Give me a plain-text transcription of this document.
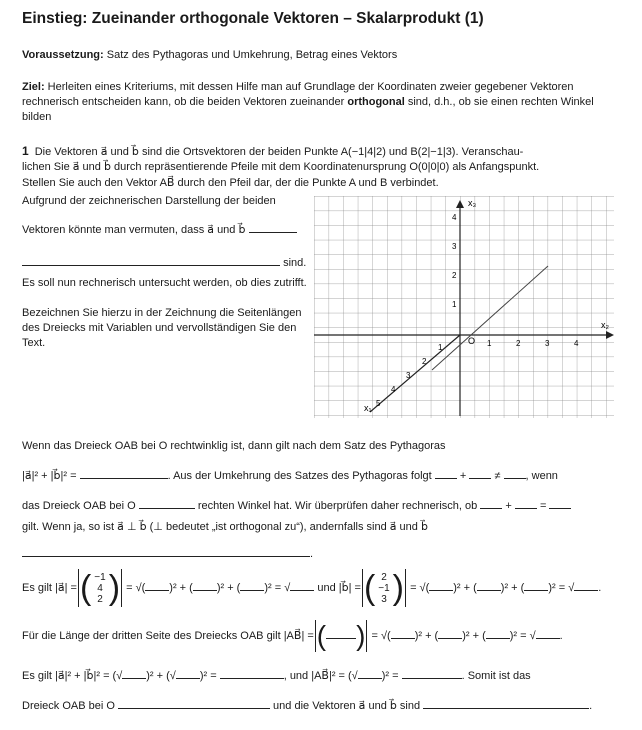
Einstieg: Zueinander orthogonale Vektoren – Skalarprodukt (1)
Voraussetzung: Satz des Pythagoras und Umkehrung, Betrag eines Vektors
Ziel: Herleiten eines Kriteriums, mit dessen Hilfe man auf Grundlage der Koordinaten zweier gegebener Vektoren rechnerisch entscheiden kann, ob die beiden Vektoren zueinander orthogonal sind, d.h., ob sie einen rechten Winkel bilden
1 Die Vektoren a⃗ und b⃗ sind die Ortsvektoren der beiden Punkte A(−1|4|2) und B(2|−1|3). Veranschau-
lichen Sie a⃗ und b⃗ durch repräsentierende Pfeile mit dem Koordinatenursprung O(0|0|0) als Anfangspunkt.
Stellen Sie auch den Vektor AB⃗ durch den Pfeil dar, der die Punkte A und B verbindet.
Aufgrund der zeichnerischen Darstellung der beiden
Vektoren könnte man vermuten, dass a⃗ und b⃗
sind.
Es soll nun rechnerisch untersucht werden, ob dies zutrifft.
Bezeichnen Sie hierzu in der Zeichnung die Seitenlängen des Dreiecks mit Variablen und vervollständigen Sie den Text.
x₃
x₂
x₁
O 1	2	3	4
1
2
3
4
1
2
3
4
5
Wenn das Dreieck OAB bei O rechtwinklig ist, dann gilt nach dem Satz des Pythagoras
|a⃗|² + |b⃗|² =	. Aus der Umkehrung des Satzes des Pythagoras folgt	+	≠ , wenn
das Dreieck OAB bei O	rechten Winkel hat. Wir überprüfen daher rechnerisch, ob	+	=
gilt. Wenn ja, so ist a⃗ ⊥ b⃗ (⊥ bedeutet „ist orthogonal zu“), andernfalls sind a⃗ und b⃗
.
Es gilt |a⃗| =( −1
4
2 ) = √( )² + ( )² + ( )² = √ und |b⃗| =( 2
−1
3 ) = √( )² + ( )² + ( )² = √ .
Für die Länge der dritten Seite des Dreiecks OAB gilt |AB⃗| = ( ) = √( )² + ( )² + ( )² = √ .
Es gilt |a⃗|² + |b⃗|² = (√ )² + (√ )² =	, und |AB⃗|² = (√ )² =	. Somit ist das
Dreieck OAB bei O	und die Vektoren a⃗ und b⃗ sind	.
